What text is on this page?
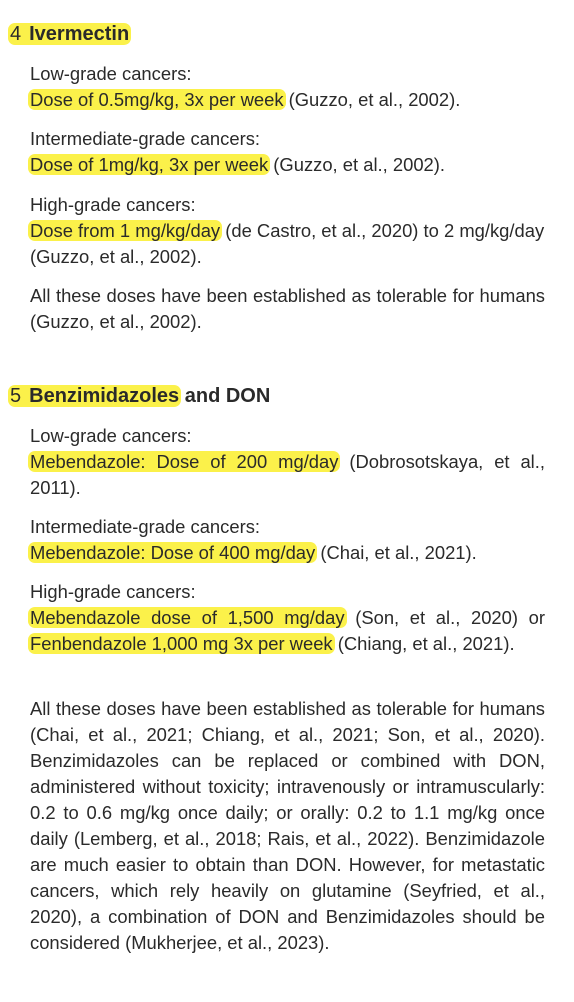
4 Ivermectin
Low-grade cancers:
Dose of 0.5mg/kg, 3x per week (Guzzo, et al., 2002).
Intermediate-grade cancers:
Dose of 1mg/kg, 3x per week (Guzzo, et al., 2002).
High-grade cancers:
Dose from 1 mg/kg/day (de Castro, et al., 2020) to 2 mg/kg/day (Guzzo, et al., 2002).
All these doses have been established as tolerable for humans (Guzzo, et al., 2002).
5 Benzimidazoles and DON
Low-grade cancers:
Mebendazole: Dose of 200 mg/day (Dobrosotskaya, et al., 2011).
Intermediate-grade cancers:
Mebendazole: Dose of 400 mg/day (Chai, et al., 2021).
High-grade cancers:
Mebendazole dose of 1,500 mg/day (Son, et al., 2020) or Fenbendazole 1,000 mg 3x per week (Chiang, et al., 2021).
All these doses have been established as tolerable for humans (Chai, et al., 2021; Chiang, et al., 2021; Son, et al., 2020). Benzimidazoles can be replaced or combined with DON, administered without toxicity; intravenously or intramuscularly: 0.2 to 0.6 mg/kg once daily; or orally: 0.2 to 1.1 mg/kg once daily (Lemberg, et al., 2018; Rais, et al., 2022). Benzimidazole are much easier to obtain than DON. However, for metastatic cancers, which rely heavily on glutamine (Seyfried, et al., 2020), a combination of DON and Benzimidazoles should be considered (Mukherjee, et al., 2023).
